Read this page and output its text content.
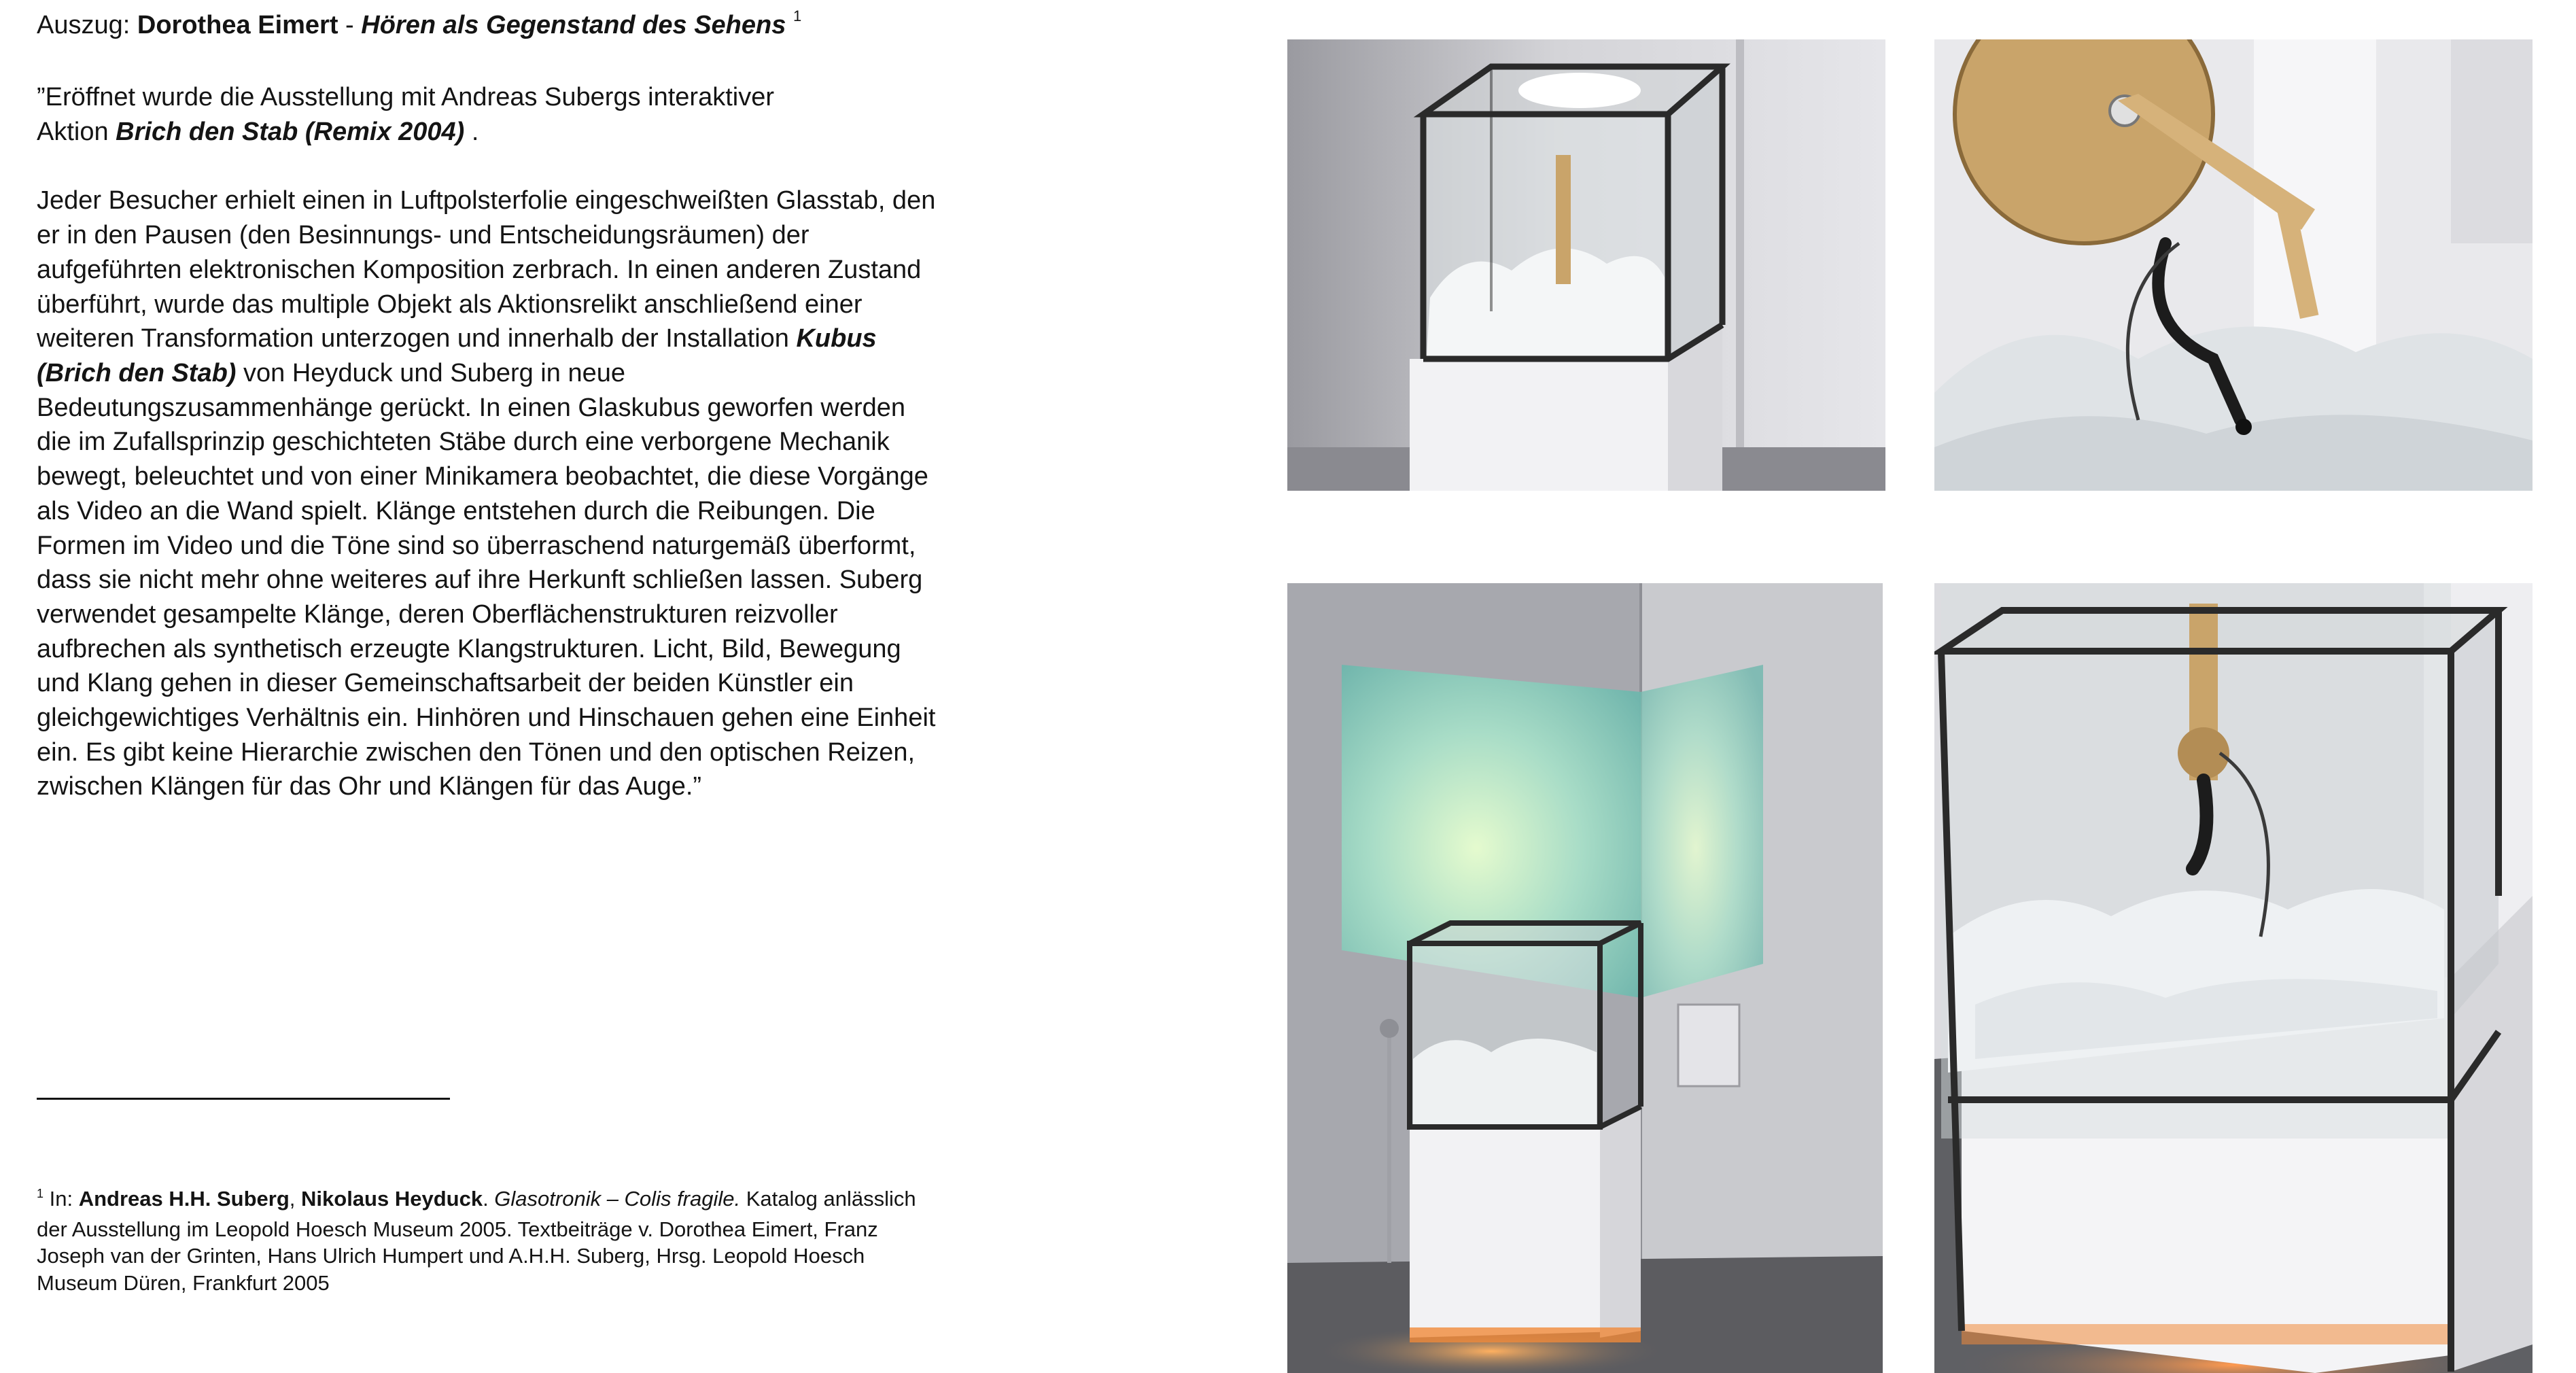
Auszug: Dorothea Eimert - Hören als Gegenstand des Sehens $^1$

”Eröffnet wurde die Ausstellung mit Andreas Subergs interaktiver
Aktion Brich den Stab (Remix 2004) .

Jeder Besucher erhielt einen in Luftpolsterfolie eingeschweißten Glasstab, den er in den Pausen (den Besinnungs- und Entscheidungsräumen) der aufgeführten elektronischen Komposition zerbrach. In einen anderen Zustand überführt, wurde das multiple Objekt als Aktionsrelikt anschließend einer weiteren Transformation unterzogen und innerhalb der Installation Kubus (Brich den Stab) von Heyduck und Suberg in neue Bedeutungszusammenhänge gerückt. In einen Glaskubus geworfen werden die im Zufallsprinzip geschichteten Stäbe durch eine verborgene Mechanik bewegt, beleuchtet und von einer Minikamera beobachtet, die diese Vorgänge als Video an die Wand spielt. Klänge entstehen durch die Reibungen. Die Formen im Video und die Töne sind so überraschend naturgemäß überformt, dass sie nicht mehr ohne weiteres auf ihre Herkunft schließen lassen. Suberg verwendet gesampelte Klänge, deren Oberflächenstrukturen reizvoller aufbrechen als synthetisch erzeugte Klangstrukturen. Licht, Bild, Bewegung und Klang gehen in dieser Gemeinschaftsarbeit der beiden Künstler ein gleichgewichtiges Verhältnis ein. Hinhören und Hinschauen gehen eine Einheit ein. Es gibt keine Hierarchie zwischen den Tönen und den optischen Reizen, zwischen Klängen für das Ohr und Klängen für das Auge.”

$^1$ In: Andreas H.H. Suberg, Nikolaus Heyduck. Glasotronik – Colis fragile. Katalog anlässlich der Ausstellung im Leopold Hoesch Museum 2005. Textbeiträge v. Dorothea Eimert, Franz Joseph van der Grinten, Hans Ulrich Humpert und A.H.H. Suberg, Hrsg. Leopold Hoesch Museum Düren, Frankfurt 2005
